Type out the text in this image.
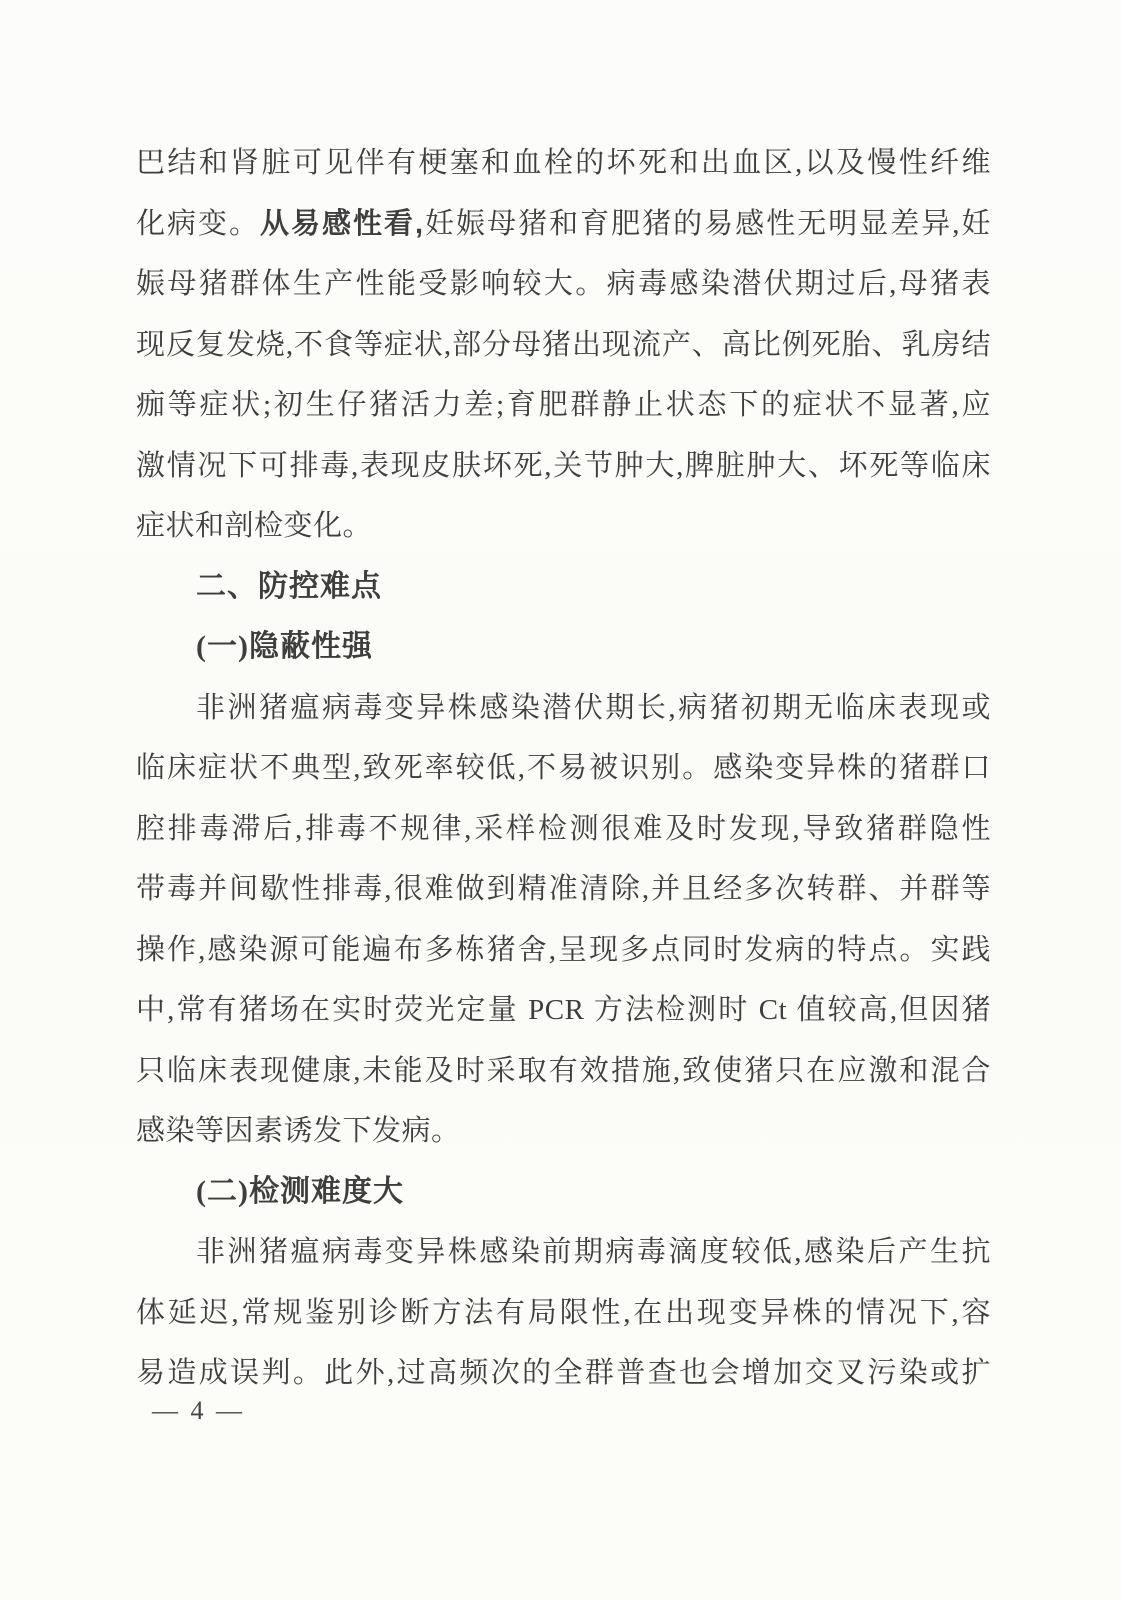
巴结和肾脏可见伴有梗塞和血栓的坏死和出血区,以及慢性纤维
化病变。从易感性看,妊娠母猪和育肥猪的易感性无明显差异,妊
娠母猪群体生产性能受影响较大。病毒感染潜伏期过后,母猪表
现反复发烧,不食等症状,部分母猪出现流产、高比例死胎、乳房结
痂等症状;初生仔猪活力差;育肥群静止状态下的症状不显著,应
激情况下可排毒,表现皮肤坏死,关节肿大,脾脏肿大、坏死等临床
症状和剖检变化。
二、防控难点
(一)隐蔽性强
非洲猪瘟病毒变异株感染潜伏期长,病猪初期无临床表现或
临床症状不典型,致死率较低,不易被识别。感染变异株的猪群口
腔排毒滞后,排毒不规律,采样检测很难及时发现,导致猪群隐性
带毒并间歇性排毒,很难做到精准清除,并且经多次转群、并群等
操作,感染源可能遍布多栋猪舍,呈现多点同时发病的特点。实践
中,常有猪场在实时荧光定量 PCR 方法检测时 Ct 值较高,但因猪
只临床表现健康,未能及时采取有效措施,致使猪只在应激和混合
感染等因素诱发下发病。
(二)检测难度大
非洲猪瘟病毒变异株感染前期病毒滴度较低,感染后产生抗
体延迟,常规鉴别诊断方法有局限性,在出现变异株的情况下,容
易造成误判。此外,过高频次的全群普查也会增加交叉污染或扩
— 4 —
